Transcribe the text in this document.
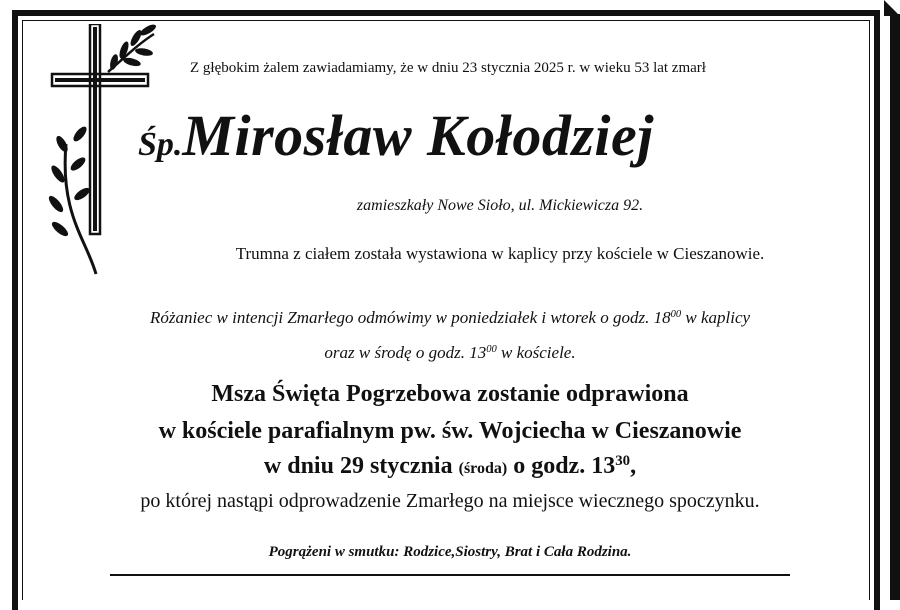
Z głębokim żalem zawiadamiamy, że w dniu 23 stycznia 2025 r. w wieku 53 lat zmarł
Śp.Mirosław Kołodziej
zamieszkały Nowe Sioło, ul. Mickiewicza 92.
Trumna z ciałem została wystawiona w kaplicy przy kościele w Cieszanowie.
Różaniec w intencji Zmarłego odmówimy w poniedziałek i wtorek o godz. $18^{00}$ w kaplicy
oraz w środę o godz. $13^{00}$ w kościele.
Msza Święta Pogrzebowa zostanie odprawiona
w kościele parafialnym pw. św. Wojciecha w Cieszanowie
w dniu 29 stycznia (środa) o godz. $13^{30}$,
po której nastąpi odprowadzenie Zmarłego na miejsce wiecznego spoczynku.
Pogrążeni w smutku: Rodzice,Siostry, Brat i Cała Rodzina.
